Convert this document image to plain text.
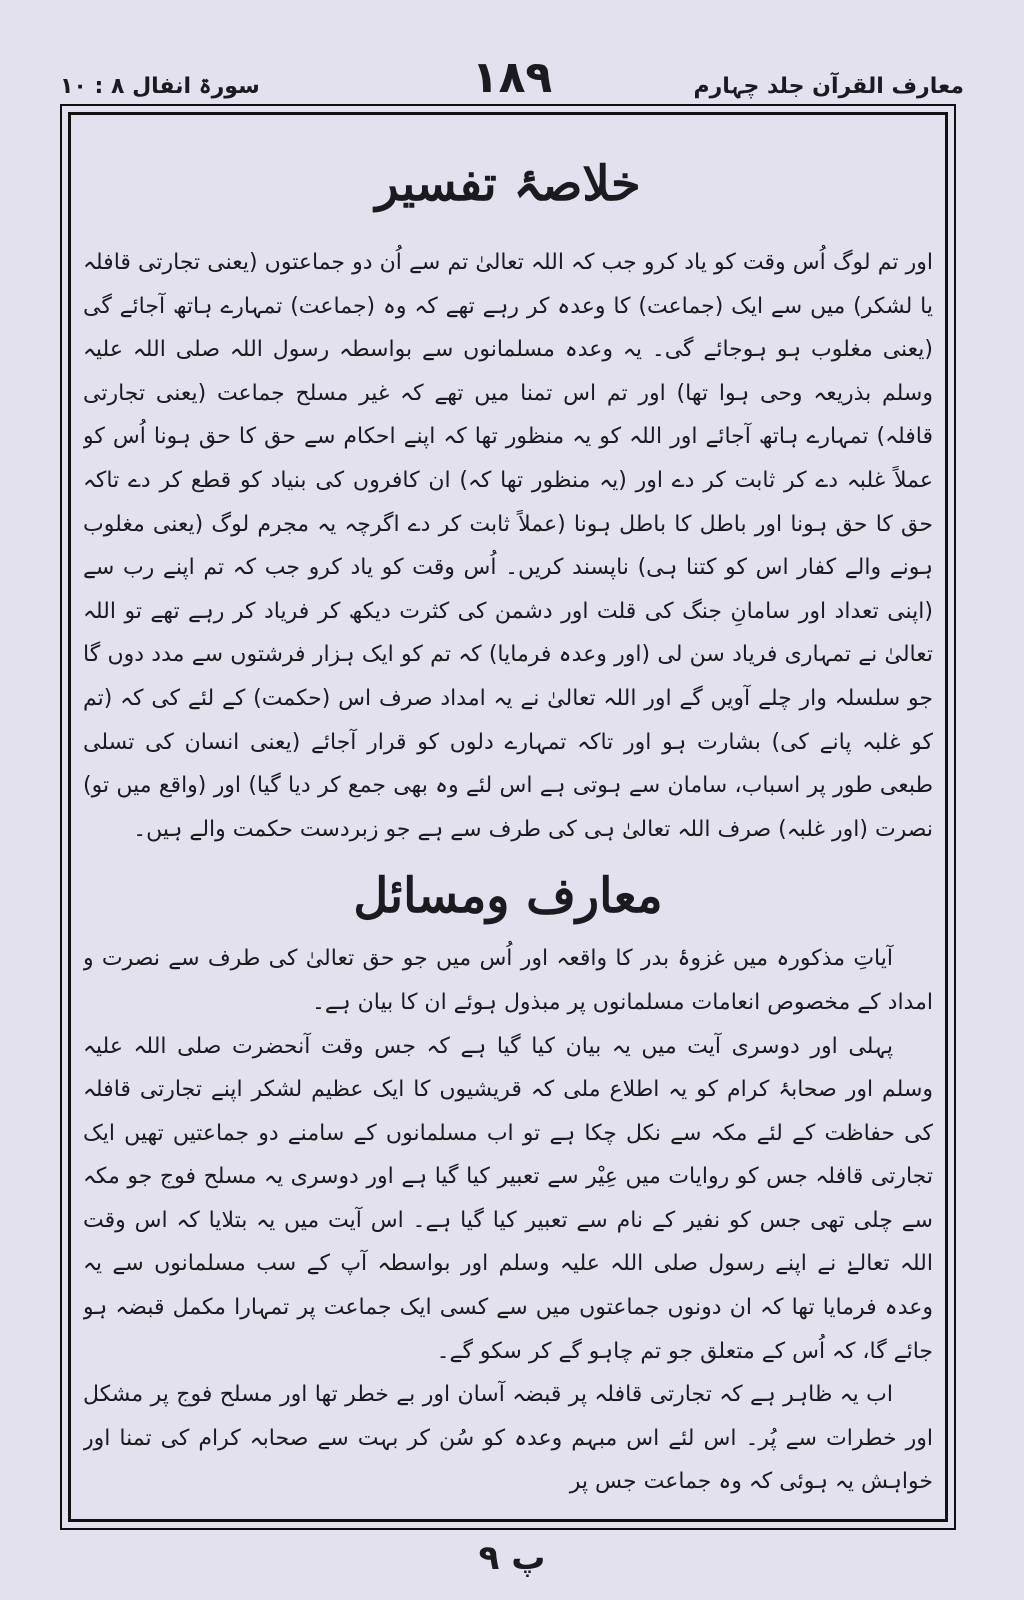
معارف القرآن جلد چہارم
۱۸۹
سورۃ انفال ۸ : ۱۰
خلاصۂ تفسیر

اور تم لوگ اُس وقت کو یاد کرو جب کہ اللہ تعالیٰ تم سے اُن دو جماعتوں (یعنی تجارتی قافلہ یا لشکر) میں سے ایک (جماعت) کا وعدہ کر رہے تھے کہ وہ (جماعت) تمہارے ہاتھ آجائے گی (یعنی مغلوب ہو ہوجائے گی۔ یہ وعدہ مسلمانوں سے بواسطہ رسول اللہ صلی اللہ علیہ وسلم بذریعہ وحی ہوا تھا) اور تم اس تمنا میں تھے کہ غیر مسلح جماعت (یعنی تجارتی قافلہ) تمہارے ہاتھ آجائے اور اللہ کو یہ منظور تھا کہ اپنے احکام سے حق کا حق ہونا اُس کو عملاً غلبہ دے کر ثابت کر دے اور (یہ منظور تھا کہ) ان کافروں کی بنیاد کو قطع کر دے تاکہ حق کا حق ہونا اور باطل کا باطل ہونا (عملاً ثابت کر دے اگرچہ یہ مجرم لوگ (یعنی مغلوب ہونے والے کفار اس کو کتنا ہی) ناپسند کریں۔ اُس وقت کو یاد کرو جب کہ تم اپنے رب سے (اپنی تعداد اور سامانِ جنگ کی قلت اور دشمن کی کثرت دیکھ کر فریاد کر رہے تھے تو اللہ تعالیٰ نے تمہاری فریاد سن لی (اور وعدہ فرمایا) کہ تم کو ایک ہزار فرشتوں سے مدد دوں گا جو سلسلہ وار چلے آویں گے اور اللہ تعالیٰ نے یہ امداد صرف اس (حکمت) کے لئے کی کہ (تم کو غلبہ پانے کی) بشارت ہو اور تاکہ تمہارے دلوں کو قرار آجائے (یعنی انسان کی تسلی طبعی طور پر اسباب، سامان سے ہوتی ہے اس لئے وہ بھی جمع کر دیا گیا) اور (واقع میں تو) نصرت (اور غلبہ) صرف اللہ تعالیٰ ہی کی طرف سے ہے جو زبردست حکمت والے ہیں۔

معارف ومسائل

آیاتِ مذکورہ میں غزوۂ بدر کا واقعہ اور اُس میں جو حق تعالیٰ کی طرف سے نصرت و امداد کے مخصوص انعامات مسلمانوں پر مبذول ہوئے ان کا بیان ہے۔

پہلی اور دوسری آیت میں یہ بیان کیا گیا ہے کہ جس وقت آنحضرت صلی اللہ علیہ وسلم اور صحابۂ کرام کو یہ اطلاع ملی کہ قریشیوں کا ایک عظیم لشکر اپنے تجارتی قافلہ کی حفاظت کے لئے مکہ سے نکل چکا ہے تو اب مسلمانوں کے سامنے دو جماعتیں تھیں ایک تجارتی قافلہ جس کو روایات میں عِیْر سے تعبیر کیا گیا ہے اور دوسری یہ مسلح فوج جو مکہ سے چلی تھی جس کو نفیر کے نام سے تعبیر کیا گیا ہے۔ اس آیت میں یہ بتلایا کہ اس وقت اللہ تعالےٰ نے اپنے رسول صلی اللہ علیہ وسلم اور بواسطہ آپ کے سب مسلمانوں سے یہ وعدہ فرمایا تھا کہ ان دونوں جماعتوں میں سے کسی ایک جماعت پر تمہارا مکمل قبضہ ہو جائے گا، کہ اُس کے متعلق جو تم چاہو گے کر سکو گے۔

اب یہ ظاہر ہے کہ تجارتی قافلہ پر قبضہ آسان اور بے خطر تھا اور مسلح فوج پر مشکل اور خطرات سے پُر۔ اس لئے اس مبہم وعدہ کو سُن کر بہت سے صحابہ کرام کی تمنا اور خواہش یہ ہوئی کہ وہ جماعت جس پر

پ ۹
